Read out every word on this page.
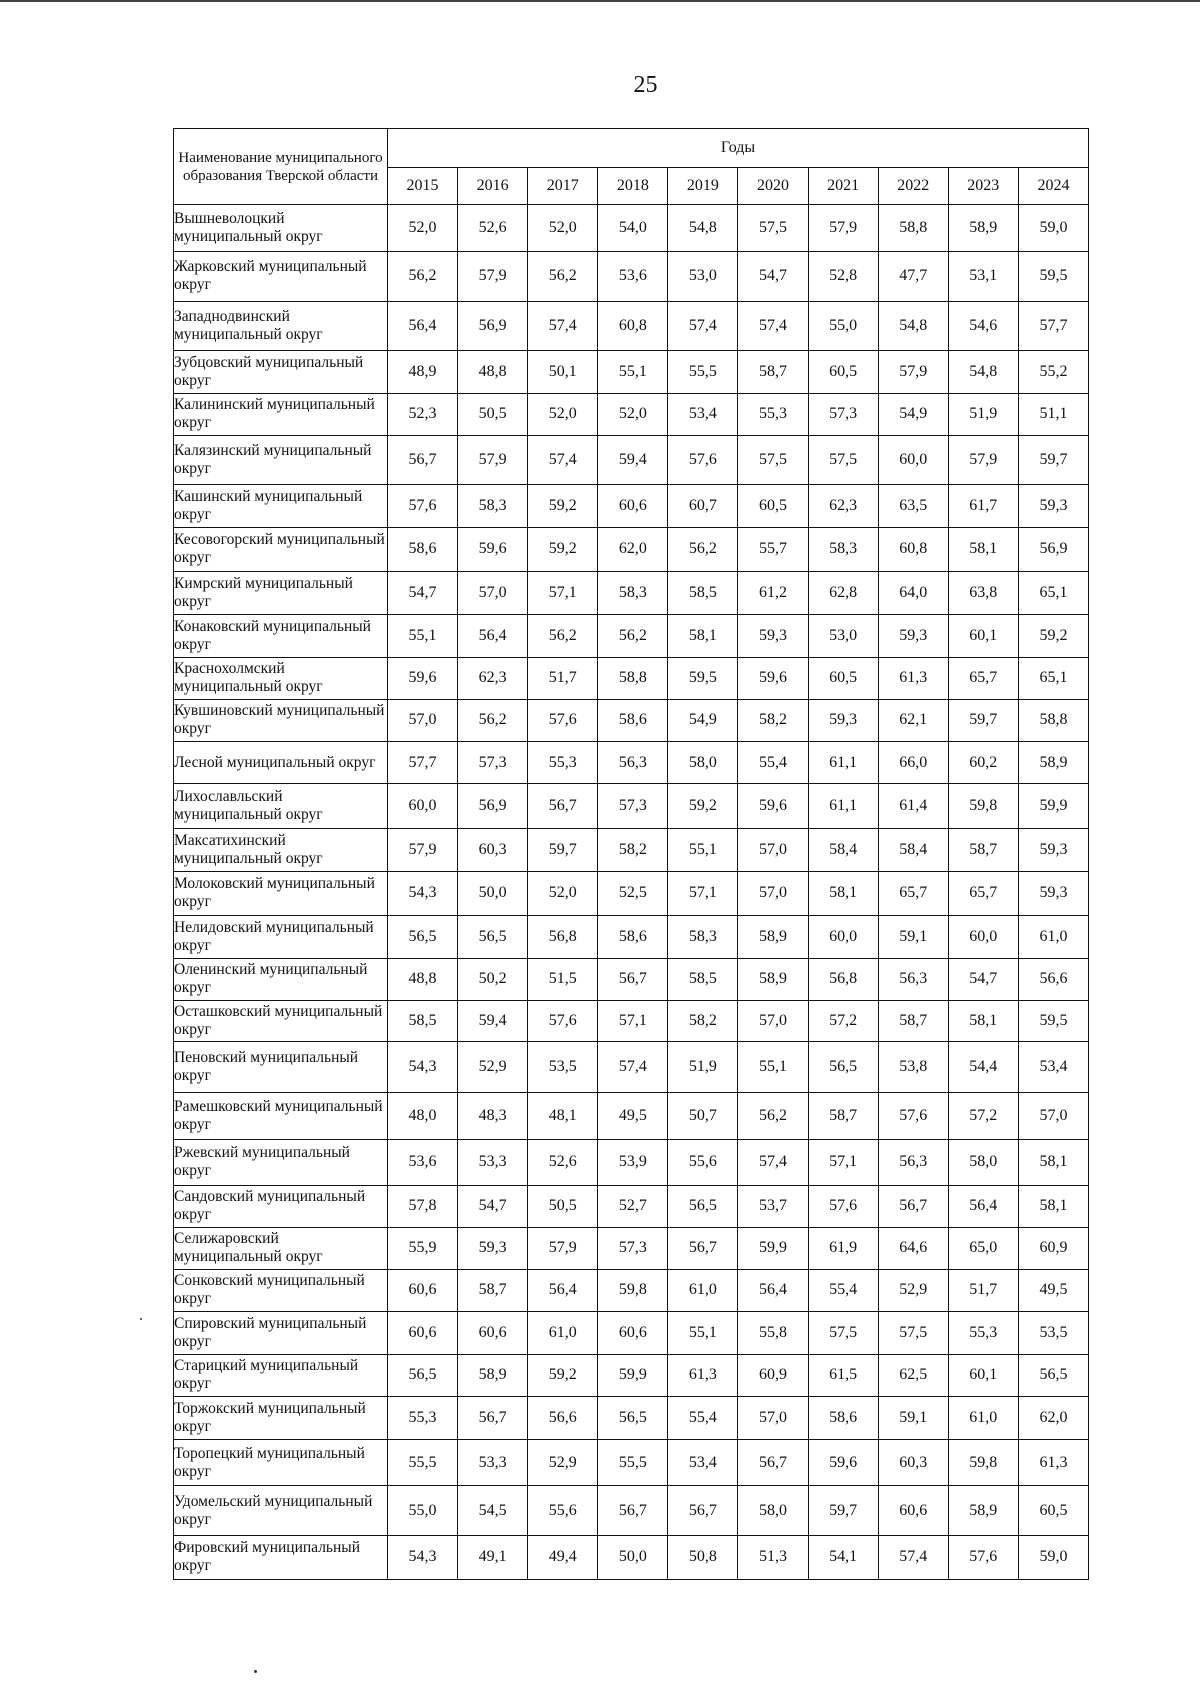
25
Наименование муниципального образования Тверской области	Годы									
	2015	2016	2017	2018	2019	2020	2021	2022	2023	2024
Вышневолоцкий муниципальный округ	52,0	52,6	52,0	54,0	54,8	57,5	57,9	58,8	58,9	59,0
Жарковский муниципальный округ	56,2	57,9	56,2	53,6	53,0	54,7	52,8	47,7	53,1	59,5
Западнодвинский муниципальный округ	56,4	56,9	57,4	60,8	57,4	57,4	55,0	54,8	54,6	57,7
Зубцовский муниципальный округ	48,9	48,8	50,1	55,1	55,5	58,7	60,5	57,9	54,8	55,2
Калининский муниципальный округ	52,3	50,5	52,0	52,0	53,4	55,3	57,3	54,9	51,9	51,1
Калязинский муниципальный округ	56,7	57,9	57,4	59,4	57,6	57,5	57,5	60,0	57,9	59,7
Кашинский муниципальный округ	57,6	58,3	59,2	60,6	60,7	60,5	62,3	63,5	61,7	59,3
Кесовогорский муниципальный округ	58,6	59,6	59,2	62,0	56,2	55,7	58,3	60,8	58,1	56,9
Кимрский муниципальный округ	54,7	57,0	57,1	58,3	58,5	61,2	62,8	64,0	63,8	65,1
Конаковский муниципальный округ	55,1	56,4	56,2	56,2	58,1	59,3	53,0	59,3	60,1	59,2
Краснохолмский муниципальный округ	59,6	62,3	51,7	58,8	59,5	59,6	60,5	61,3	65,7	65,1
Кувшиновский муниципальный округ	57,0	56,2	57,6	58,6	54,9	58,2	59,3	62,1	59,7	58,8
Лесной муниципальный округ	57,7	57,3	55,3	56,3	58,0	55,4	61,1	66,0	60,2	58,9
Лихославльский муниципальный округ	60,0	56,9	56,7	57,3	59,2	59,6	61,1	61,4	59,8	59,9
Максатихинский муниципальный округ	57,9	60,3	59,7	58,2	55,1	57,0	58,4	58,4	58,7	59,3
Молоковский муниципальный округ	54,3	50,0	52,0	52,5	57,1	57,0	58,1	65,7	65,7	59,3
Нелидовский муниципальный округ	56,5	56,5	56,8	58,6	58,3	58,9	60,0	59,1	60,0	61,0
Оленинский муниципальный округ	48,8	50,2	51,5	56,7	58,5	58,9	56,8	56,3	54,7	56,6
Осташковский муниципальный округ	58,5	59,4	57,6	57,1	58,2	57,0	57,2	58,7	58,1	59,5
Пеновский муниципальный округ	54,3	52,9	53,5	57,4	51,9	55,1	56,5	53,8	54,4	53,4
Рамешковский муниципальный округ	48,0	48,3	48,1	49,5	50,7	56,2	58,7	57,6	57,2	57,0
Ржевский муниципальный округ	53,6	53,3	52,6	53,9	55,6	57,4	57,1	56,3	58,0	58,1
Сандовский муниципальный округ	57,8	54,7	50,5	52,7	56,5	53,7	57,6	56,7	56,4	58,1
Селижаровский муниципальный округ	55,9	59,3	57,9	57,3	56,7	59,9	61,9	64,6	65,0	60,9
Сонковский муниципальный округ	60,6	58,7	56,4	59,8	61,0	56,4	55,4	52,9	51,7	49,5
Спировский муниципальный округ	60,6	60,6	61,0	60,6	55,1	55,8	57,5	57,5	55,3	53,5
Старицкий муниципальный округ	56,5	58,9	59,2	59,9	61,3	60,9	61,5	62,5	60,1	56,5
Торжокский муниципальный округ	55,3	56,7	56,6	56,5	55,4	57,0	58,6	59,1	61,0	62,0
Торопецкий муниципальный округ	55,5	53,3	52,9	55,5	53,4	56,7	59,6	60,3	59,8	61,3
Удомельский муниципальный округ	55,0	54,5	55,6	56,7	56,7	58,0	59,7	60,6	58,9	60,5
Фировский муниципальный округ	54,3	49,1	49,4	50,0	50,8	51,3	54,1	57,4	57,6	59,0
